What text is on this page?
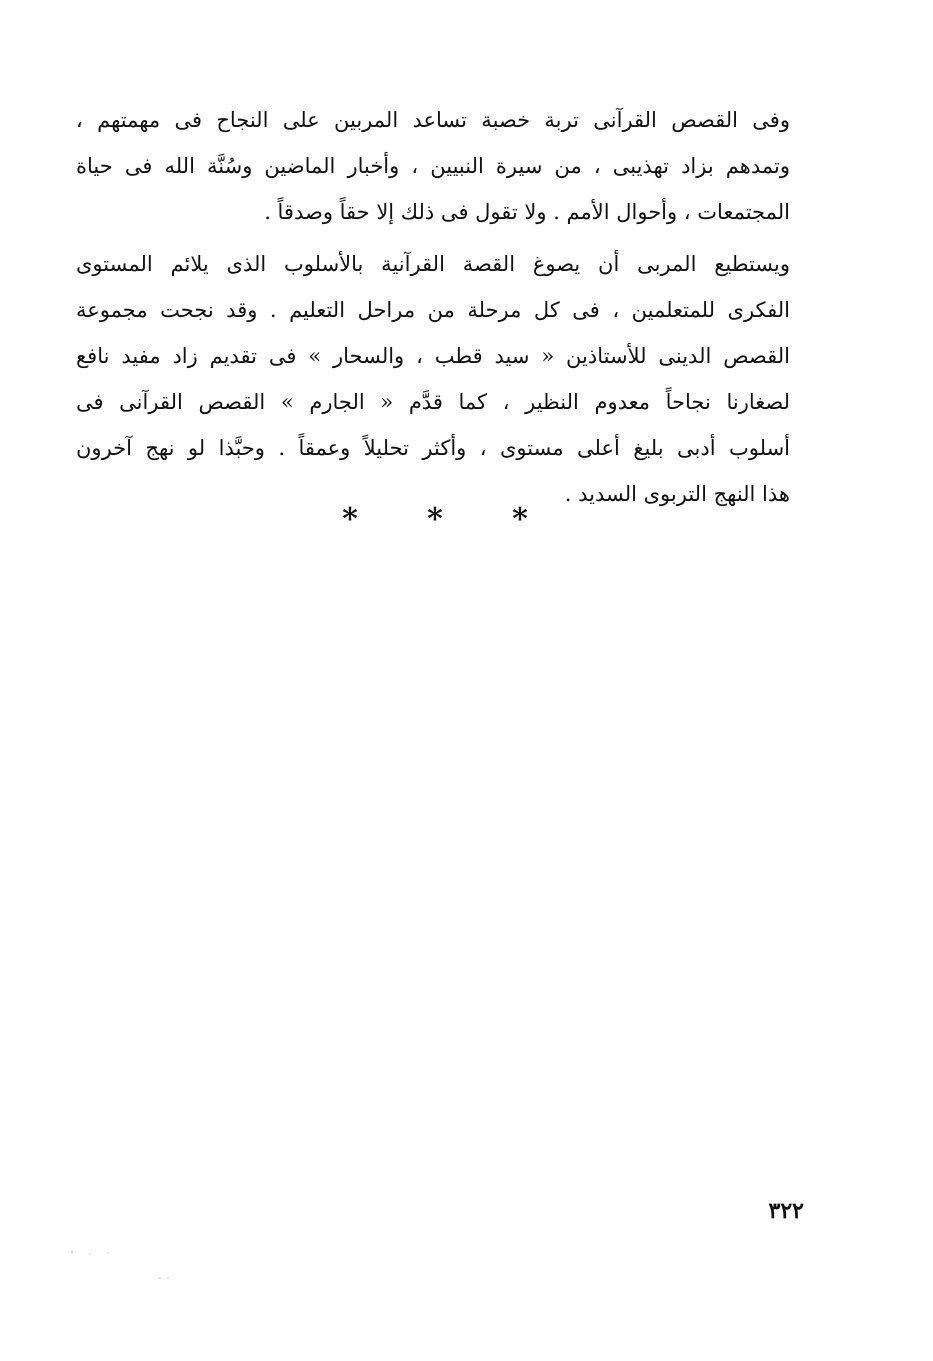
وفى القصص القرآنى تربة خصبة تساعد المربين على النجاح فى مهمتهم ،
وتمدهم بزاد تهذيبى ، من سيرة النبيين ، وأخبار الماضين وسُنَّة الله فى حياة
المجتمعات ، وأحوال الأمم . ولا تقول فى ذلك إلا حقاً وصدقاً .
ويستطيع المربى أن يصوغ القصة القرآنية بالأسلوب الذى يلائم المستوى
الفكرى للمتعلمين ، فى كل مرحلة من مراحل التعليم . وقد نجحت مجموعة
القصص الدينى للأستاذين « سيد قطب ، والسحار » فى تقديم زاد مفيد نافع
لصغارنا نجاحاً معدوم النظير ، كما قدَّم « الجارم » القصص القرآنى فى
أسلوب أدبى بليغ أعلى مستوى ، وأكثر تحليلاً وعمقاً . وحبَّذا لو نهج آخرون
هذا النهج التربوى السديد .
*	*	*
٣٢٢
